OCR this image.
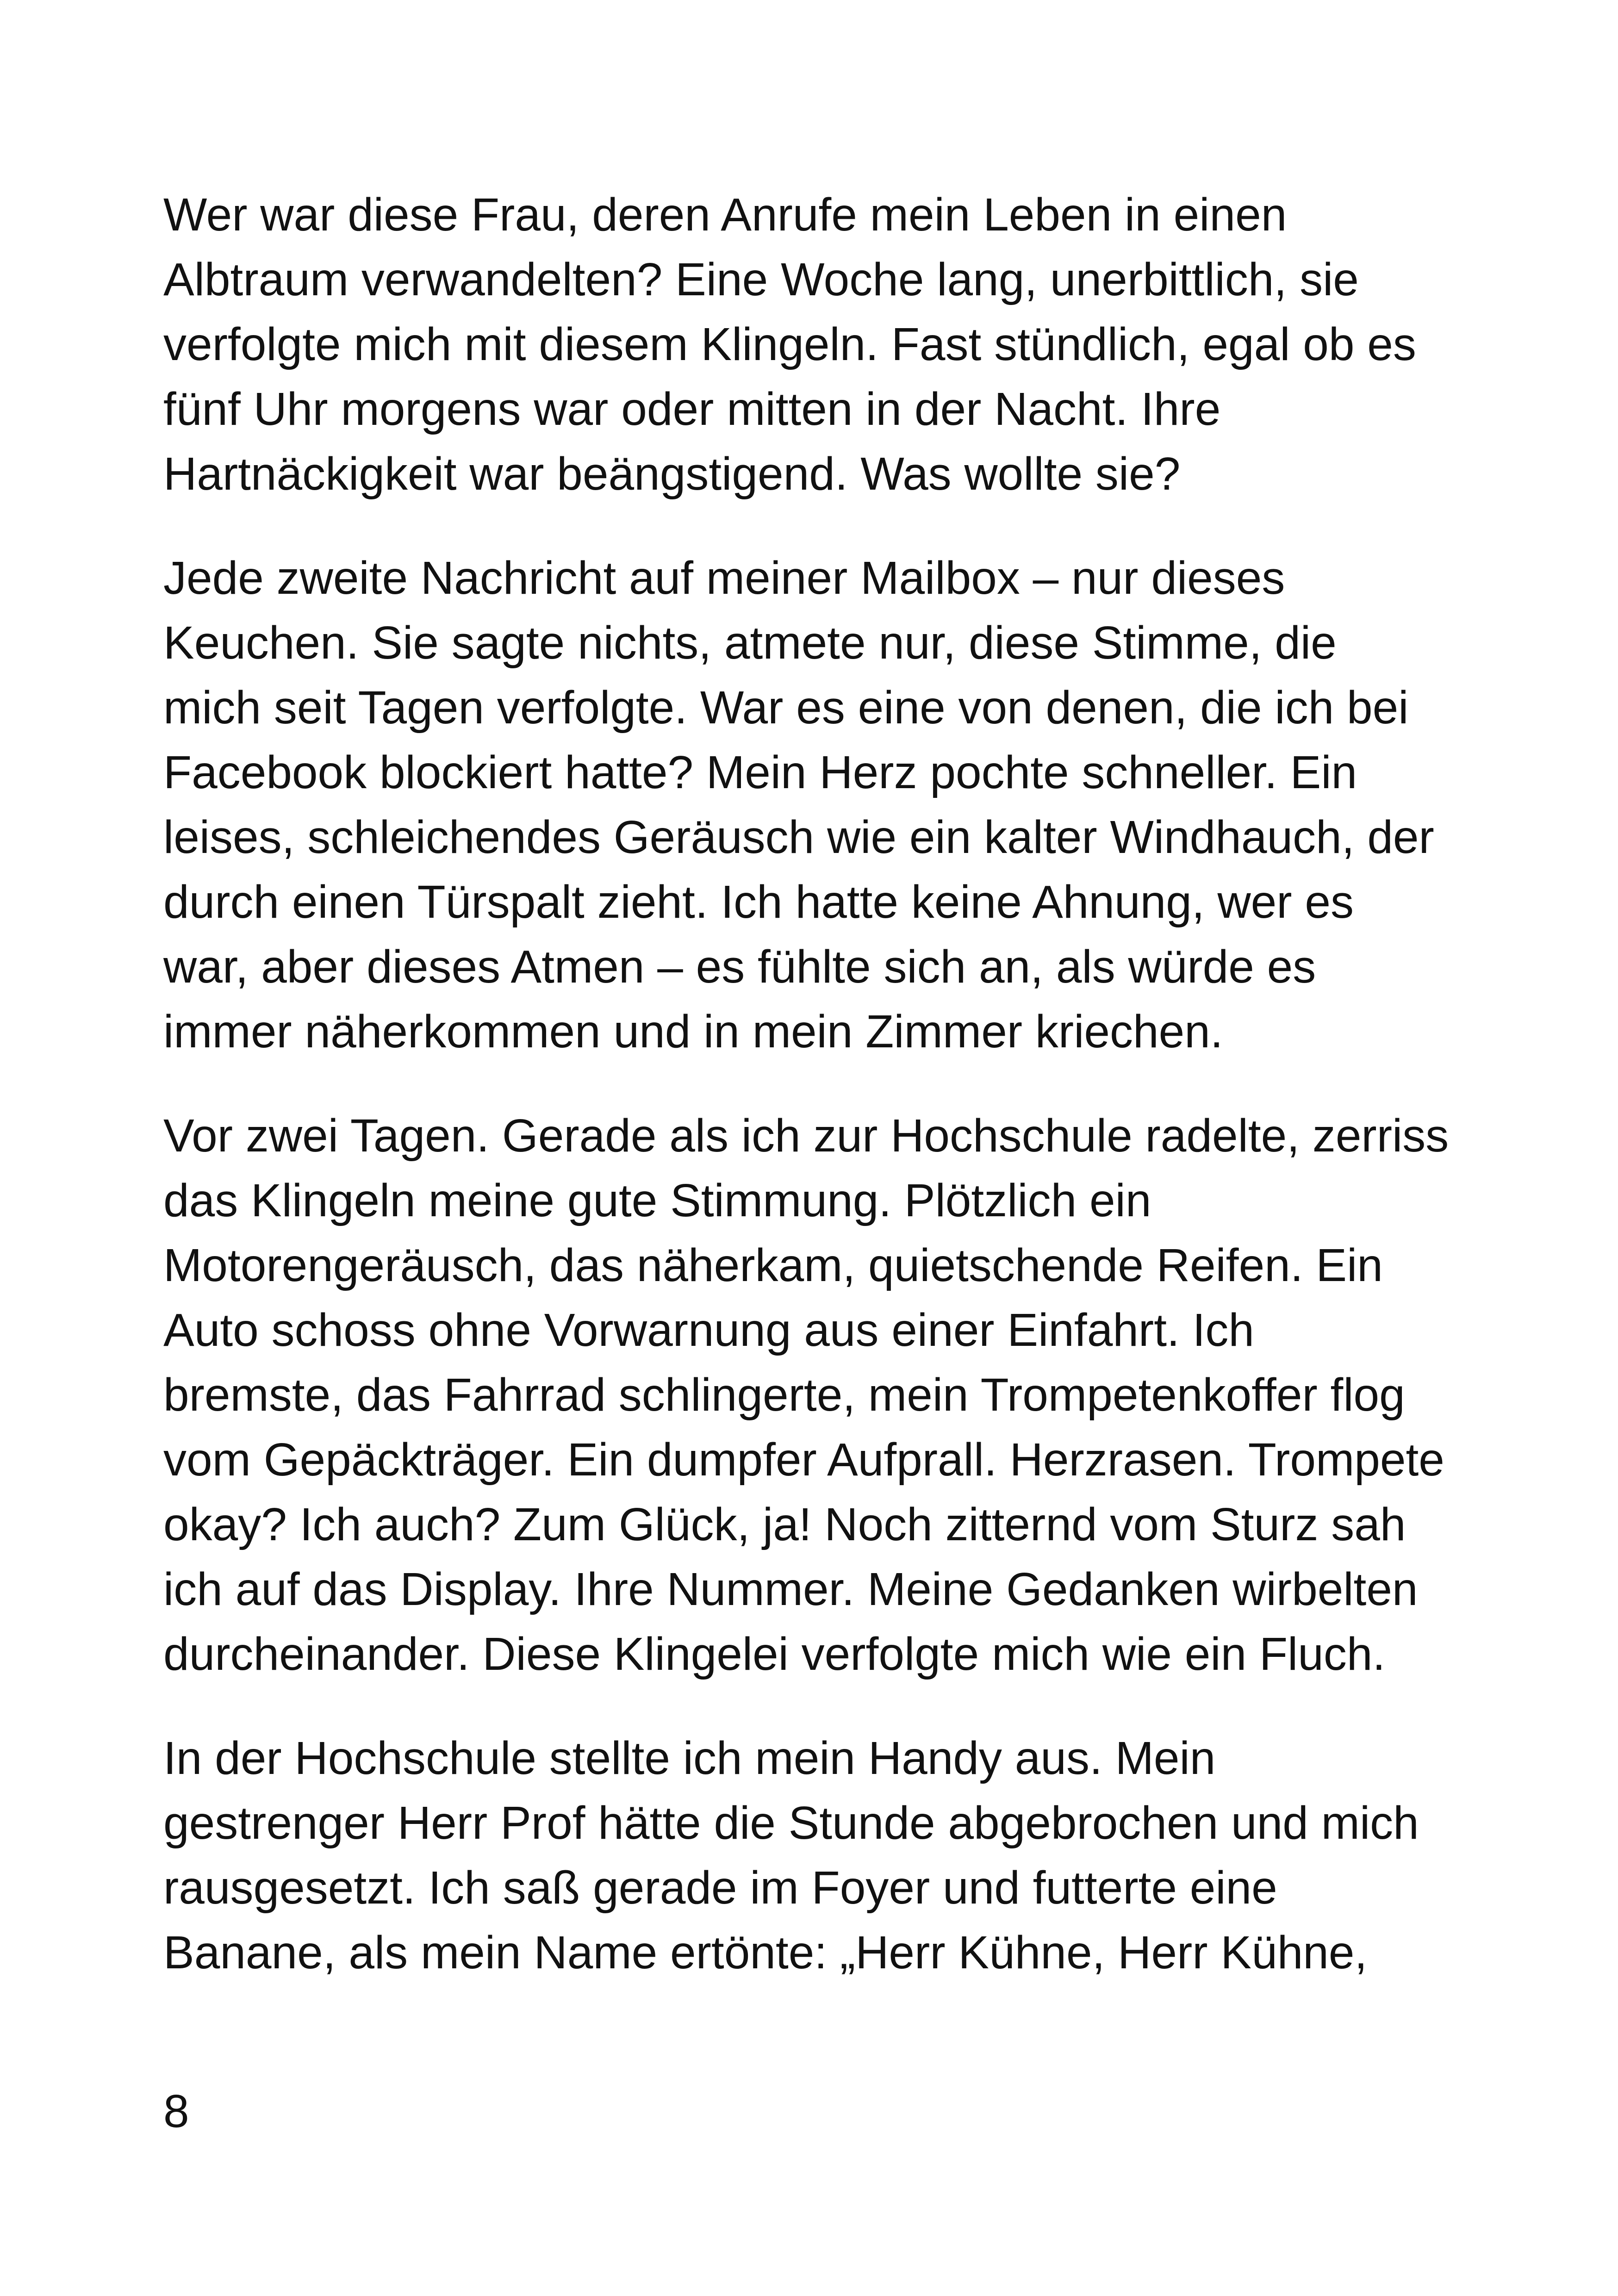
Wer war diese Frau, deren Anrufe mein Leben in einen
Albtraum verwandelten? Eine Woche lang, unerbittlich, sie
verfolgte mich mit diesem Klingeln. Fast stündlich, egal ob es
fünf Uhr morgens war oder mitten in der Nacht. Ihre
Hartnäckigkeit war beängstigend. Was wollte sie?

Jede zweite Nachricht auf meiner Mailbox – nur dieses
Keuchen. Sie sagte nichts, atmete nur, diese Stimme, die
mich seit Tagen verfolgte. War es eine von denen, die ich bei
Facebook blockiert hatte? Mein Herz pochte schneller. Ein
leises, schleichendes Geräusch wie ein kalter Windhauch, der
durch einen Türspalt zieht. Ich hatte keine Ahnung, wer es
war, aber dieses Atmen – es fühlte sich an, als würde es
immer näherkommen und in mein Zimmer kriechen.

Vor zwei Tagen. Gerade als ich zur Hochschule radelte, zerriss
das Klingeln meine gute Stimmung. Plötzlich ein
Motorengeräusch, das näherkam, quietschende Reifen. Ein
Auto schoss ohne Vorwarnung aus einer Einfahrt. Ich
bremste, das Fahrrad schlingerte, mein Trompetenkoffer flog
vom Gepäckträger. Ein dumpfer Aufprall. Herzrasen. Trompete
okay? Ich auch? Zum Glück, ja! Noch zitternd vom Sturz sah
ich auf das Display. Ihre Nummer. Meine Gedanken wirbelten
durcheinander. Diese Klingelei verfolgte mich wie ein Fluch.

In der Hochschule stellte ich mein Handy aus. Mein
gestrenger Herr Prof hätte die Stunde abgebrochen und mich
rausgesetzt. Ich saß gerade im Foyer und futterte eine
Banane, als mein Name ertönte: „Herr Kühne, Herr Kühne,

8
